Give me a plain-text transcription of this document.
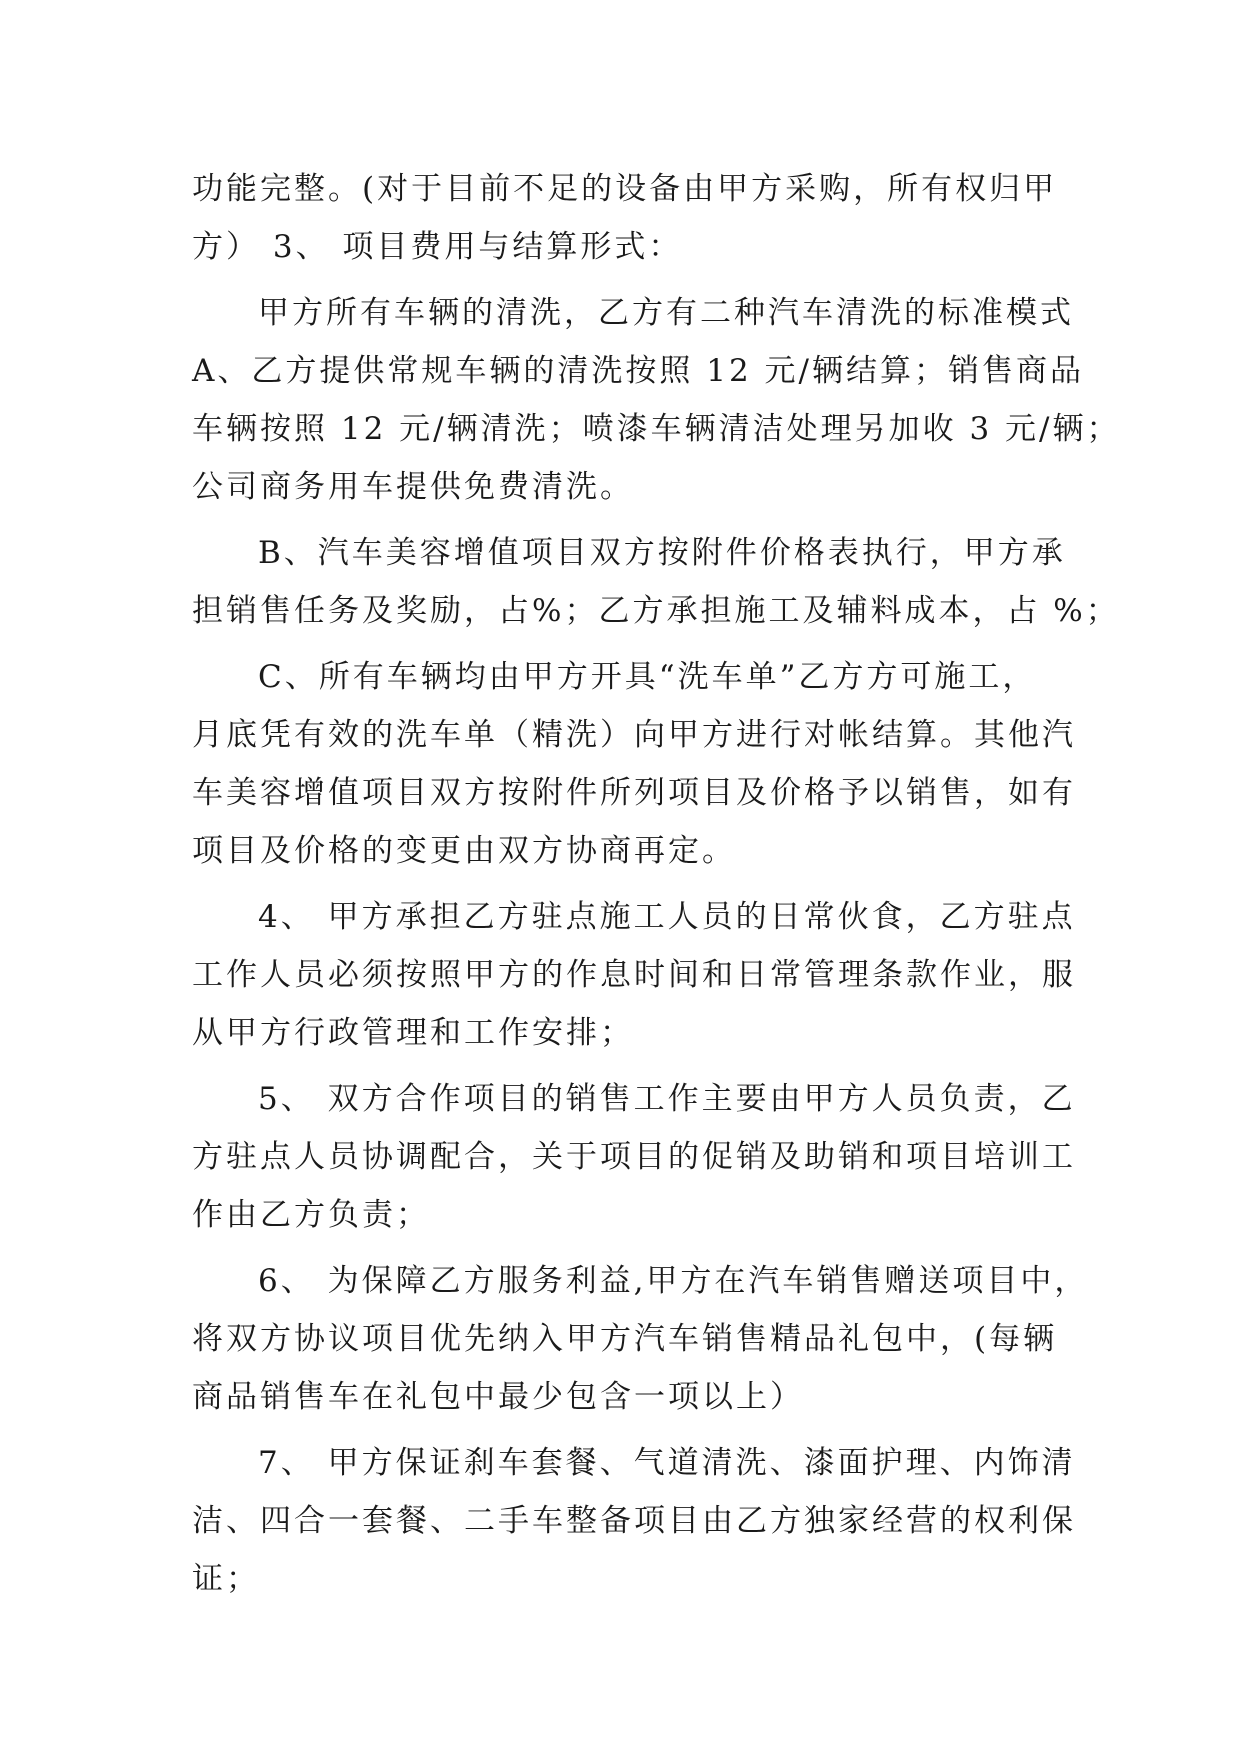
功能完整。(对于目前不足的设备由甲方采购，所有权归甲
方） 3、 项目费用与结算形式：
甲方所有车辆的清洗，乙方有二种汽车清洗的标准模式
A、乙方提供常规车辆的清洗按照 12 元/辆结算；销售商品
车辆按照 12 元/辆清洗；喷漆车辆清洁处理另加收 3 元/辆；
公司商务用车提供免费清洗。
B、汽车美容增值项目双方按附件价格表执行，甲方承
担销售任务及奖励，占%；乙方承担施工及辅料成本，占 %；
C、所有车辆均由甲方开具“洗车单”乙方方可施工，
月底凭有效的洗车单（精洗）向甲方进行对帐结算。其他汽
车美容增值项目双方按附件所列项目及价格予以销售，如有
项目及价格的变更由双方协商再定。
4、 甲方承担乙方驻点施工人员的日常伙食，乙方驻点
工作人员必须按照甲方的作息时间和日常管理条款作业，服
从甲方行政管理和工作安排；
5、 双方合作项目的销售工作主要由甲方人员负责，乙
方驻点人员协调配合，关于项目的促销及助销和项目培训工
作由乙方负责；
6、 为保障乙方服务利益,甲方在汽车销售赠送项目中，
将双方协议项目优先纳入甲方汽车销售精品礼包中，(每辆
商品销售车在礼包中最少包含一项以上）
7、 甲方保证刹车套餐、气道清洗、漆面护理、内饰清
洁、四合一套餐、二手车整备项目由乙方独家经营的权利保
证；
